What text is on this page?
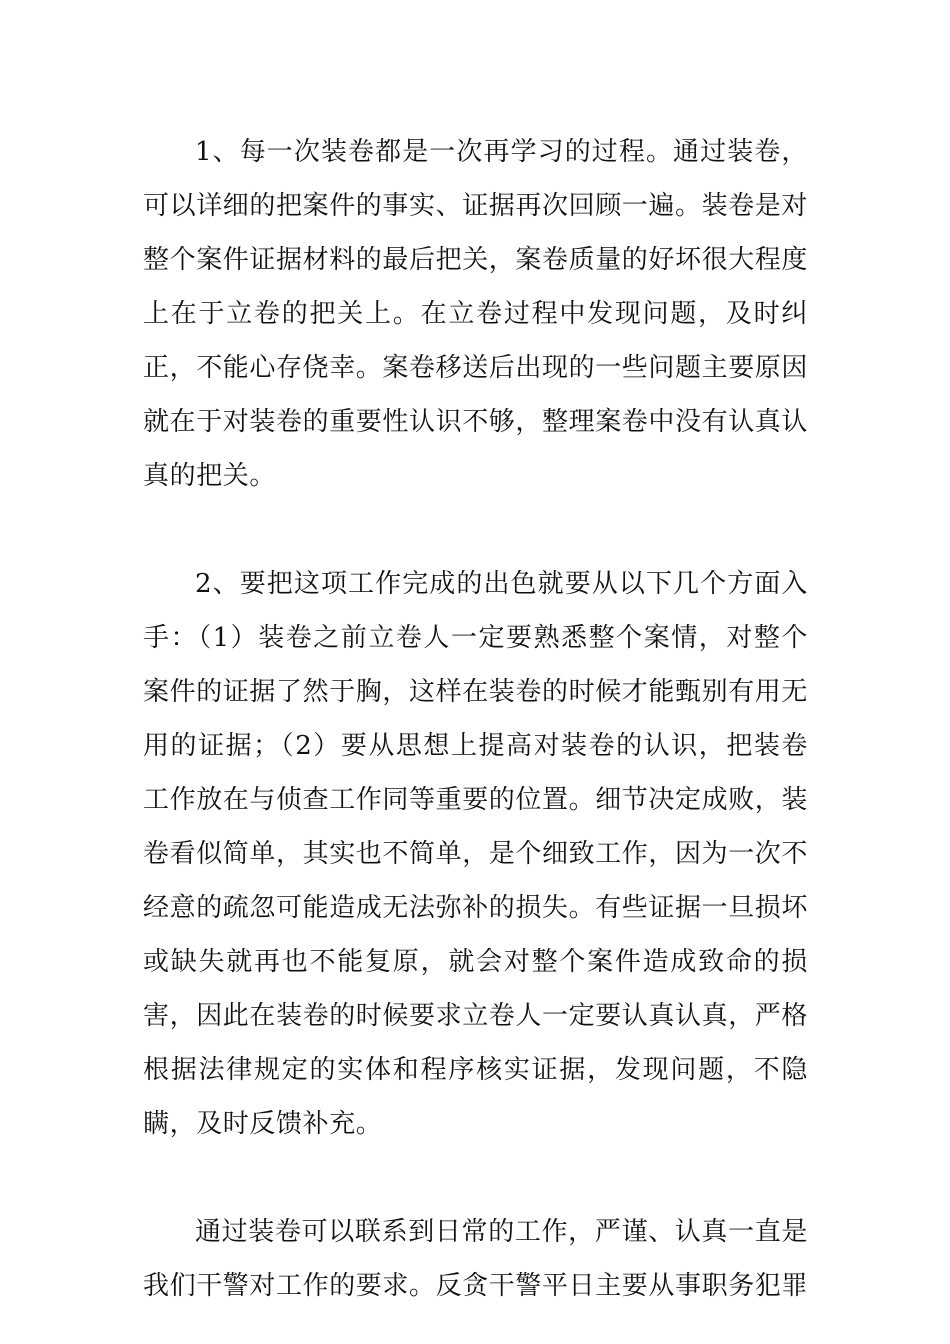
1、每一次装卷都是一次再学习的过程。通过装卷，可以详细的把案件的事实、证据再次回顾一遍。装卷是对整个案件证据材料的最后把关，案卷质量的好坏很大程度上在于立卷的把关上。在立卷过程中发现问题，及时纠正，不能心存侥幸。案卷移送后出现的一些问题主要原因就在于对装卷的重要性认识不够，整理案卷中没有认真认真的把关。

2、要把这项工作完成的出色就要从以下几个方面入手：（1）装卷之前立卷人一定要熟悉整个案情，对整个案件的证据了然于胸，这样在装卷的时候才能甄别有用无用的证据；（2）要从思想上提高对装卷的认识，把装卷工作放在与侦查工作同等重要的位置。细节决定成败，装卷看似简单，其实也不简单，是个细致工作，因为一次不经意的疏忽可能造成无法弥补的损失。有些证据一旦损坏或缺失就再也不能复原，就会对整个案件造成致命的损害，因此在装卷的时候要求立卷人一定要认真认真，严格根据法律规定的实体和程序核实证据，发现问题，不隐瞒，及时反馈补充。

通过装卷可以联系到日常的工作，严谨、认真一直是我们干警对工作的要求。反贪干警平日主要从事职务犯罪
